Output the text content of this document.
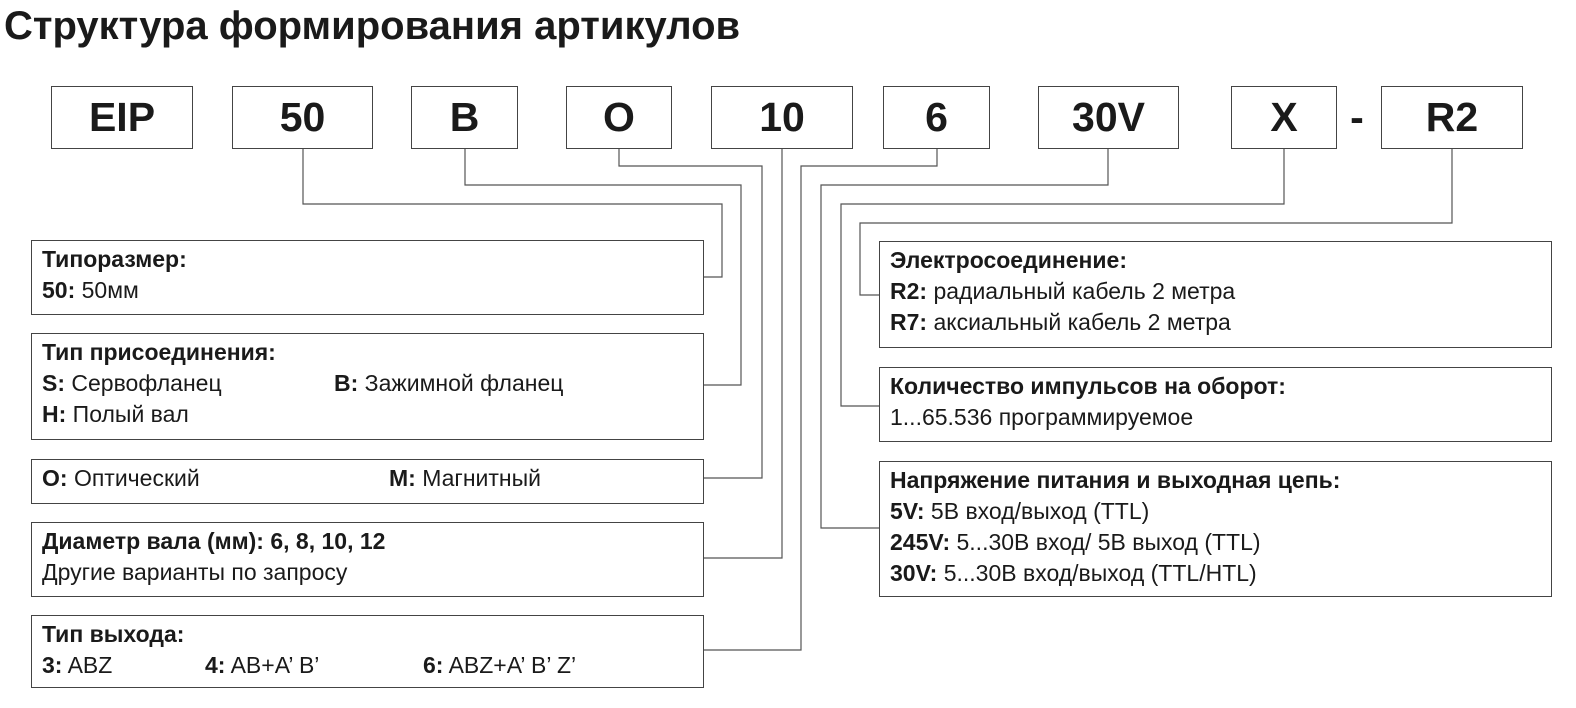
Структура формирования артикулов
EIP	50	B	O	10	6	30V	X - R2
Типоразмер:
50: 50мм
Тип присоединения:
S: Сервофланец	B: Зажимной фланец
H: Полый вал
O: Оптический	M: Магнитный
Диаметр вала (мм): 6, 8, 10, 12
Другие варианты по запросу
Тип выхода:
3: ABZ	4: AB+A’ B’	6: ABZ+A’ B’ Z’
Электросоединение:
R2: радиальный кабель 2 метра
R7: аксиальный кабель 2 метра
Количество импульсов на оборот:
1...65.536 программируемое
Напряжение питания и выходная цепь:
5V: 5В вход/выход (TTL)
245V: 5...30В вход/ 5В выход (TTL)
30V: 5...30В вход/выход (TTL/HTL)
